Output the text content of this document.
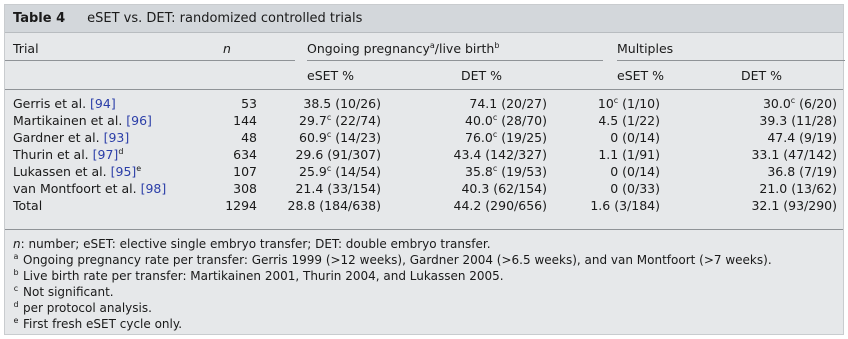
Table 4 eSET vs. DET: randomized controlled trials
Trial	n	Ongoing pregnancy$^a$/live birth$^b$	Multiples
eSET %	DET %	eSET %	DET %
Gerris et al. [94]	53	38.5 (10/26)	74.1 (20/27)	10$^c$ (1/10)	30.0$^c$ (6/20)
Martikainen et al. [96]	144	29.7$^c$ (22/74)	40.0$^c$ (28/70)	4.5 (1/22)	39.3 (11/28)
Gardner et al. [93]	48	60.9$^c$ (14/23)	76.0$^c$ (19/25)	0 (0/14)	47.4 (9/19)
Thurin et al. $[97]^d$	634	29.6 (91/307)	43.4 (142/327)	1.1 (1/91)	33.1 (47/142)
Lukassen et al. $[95]^e$	107	25.9$^c$ (14/54)	35.8$^c$ (19/53)	0 (0/14)	36.8 (7/19)
van Montfoort et al. [98]	308	21.4 (33/154)	40.3 (62/154)	0 (0/33)	21.0 (13/62)
Total	1294 28.8 (184/638)	44.2 (290/656)	1.6 (3/184)	32.1 (93/290)
n: number; eSET: elective single embryo transfer; DET: double embryo transfer.
$^a$ Ongoing pregnancy rate per transfer: Gerris 1999 (>12 weeks), Gardner 2004 (>6.5 weeks), and van Montfoort (>7 weeks).
$^b$ Live birth rate per transfer: Martikainen 2001, Thurin 2004, and Lukassen 2005.
$^c$ Not significant.
$^d$ per protocol analysis.
$^e$ First fresh eSET cycle only.
